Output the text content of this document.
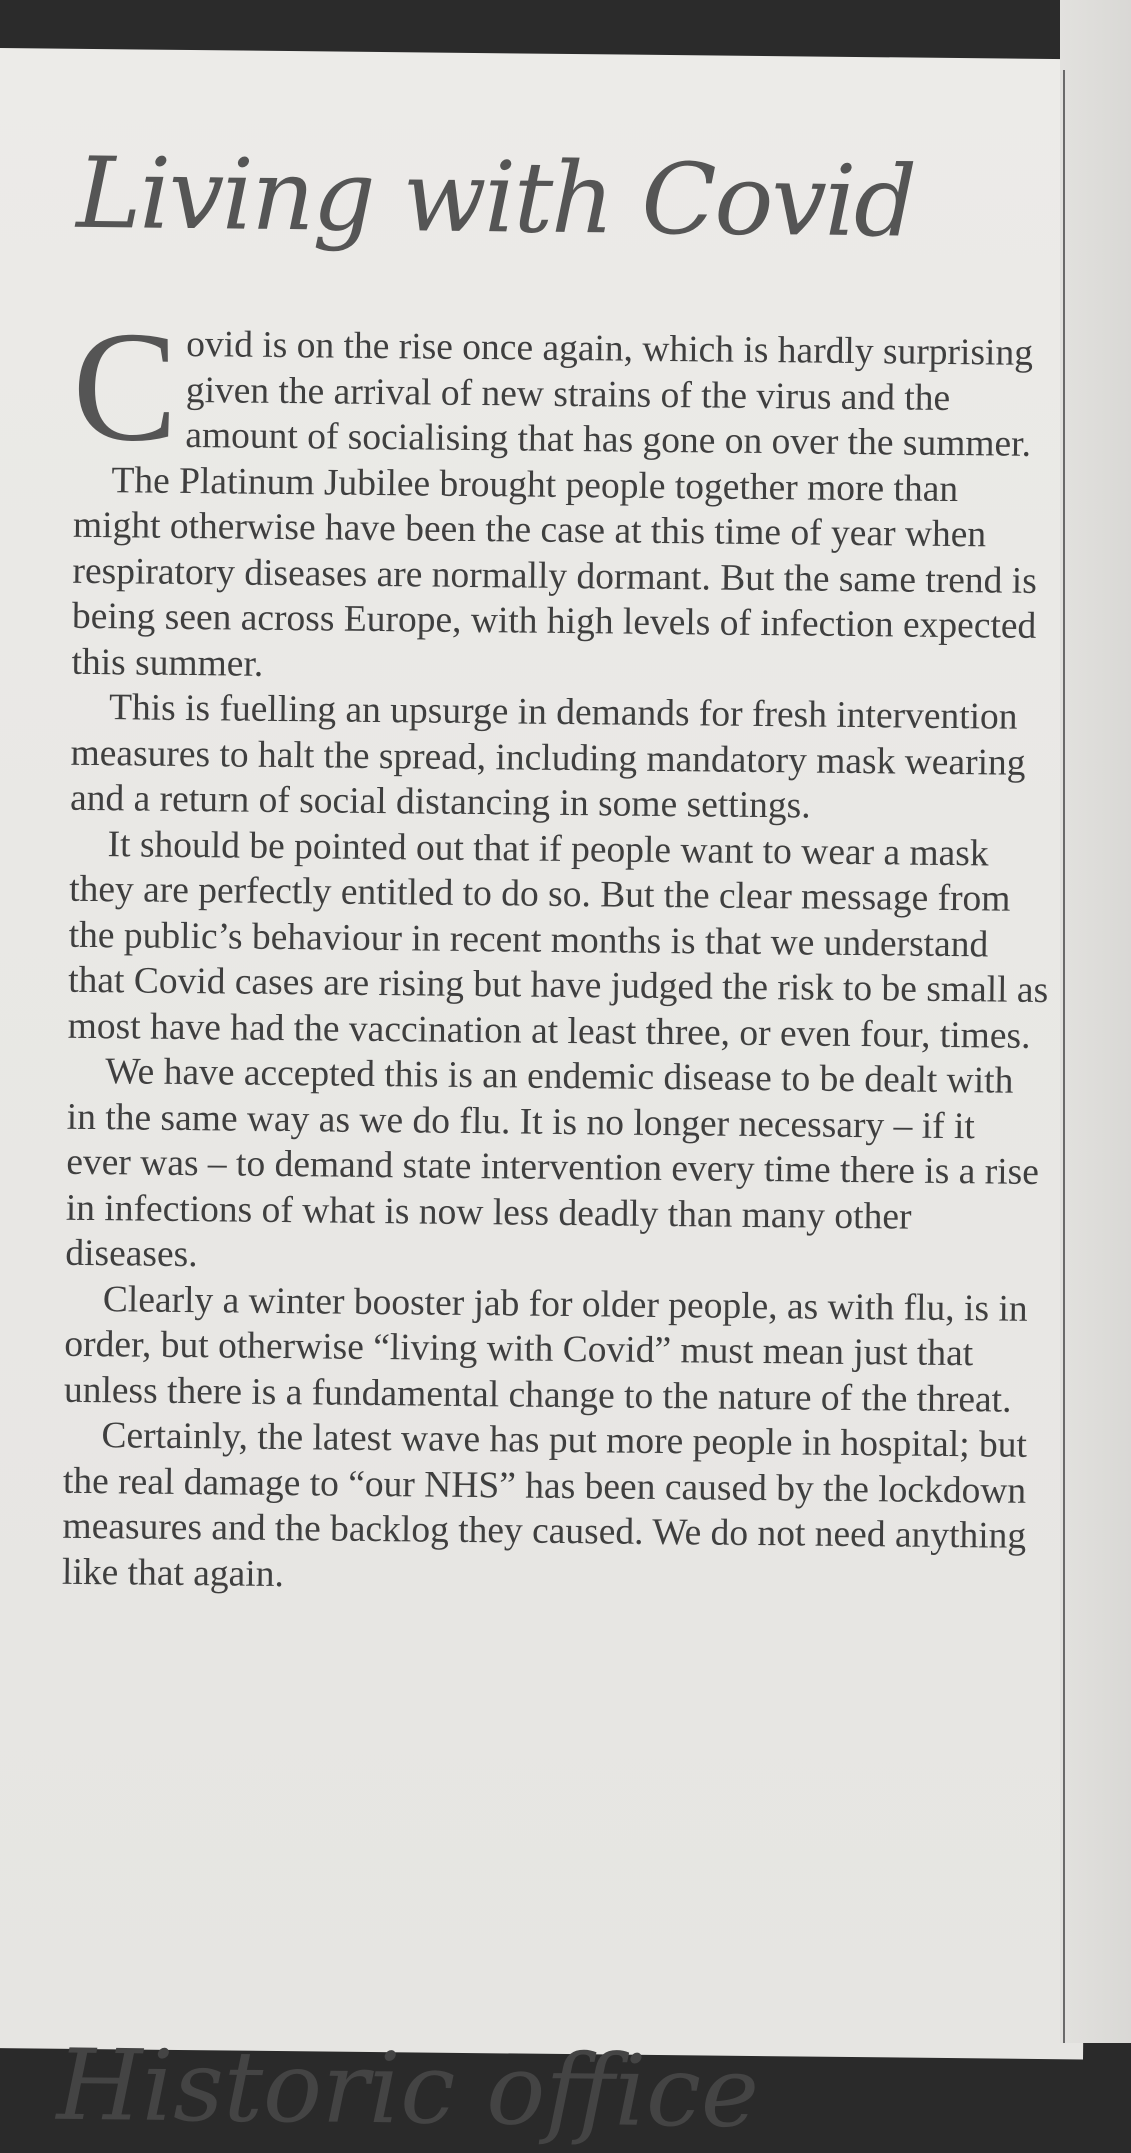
Living with Covid

Covid is on the rise once again, which is hardly surprising given the arrival of new strains of the virus and the amount of socialising that has gone on over the summer.

The Platinum Jubilee brought people together more than might otherwise have been the case at this time of year when respiratory diseases are normally dormant. But the same trend is being seen across Europe, with high levels of infection expected this summer.

This is fuelling an upsurge in demands for fresh intervention measures to halt the spread, including mandatory mask wearing and a return of social distancing in some settings.

It should be pointed out that if people want to wear a mask they are perfectly entitled to do so. But the clear message from the public’s behaviour in recent months is that we understand that Covid cases are rising but have judged the risk to be small as most have had the vaccination at least three, or even four, times.

We have accepted this is an endemic disease to be dealt with in the same way as we do flu. It is no longer necessary – if it ever was – to demand state intervention every time there is a rise in infections of what is now less deadly than many other diseases.

Clearly a winter booster jab for older people, as with flu, is in order, but otherwise “living with Covid” must mean just that unless there is a fundamental change to the nature of the threat.

Certainly, the latest wave has put more people in hospital; but the real damage to “our NHS” has been caused by the lockdown measures and the backlog they caused. We do not need anything like that again.

Historic office
